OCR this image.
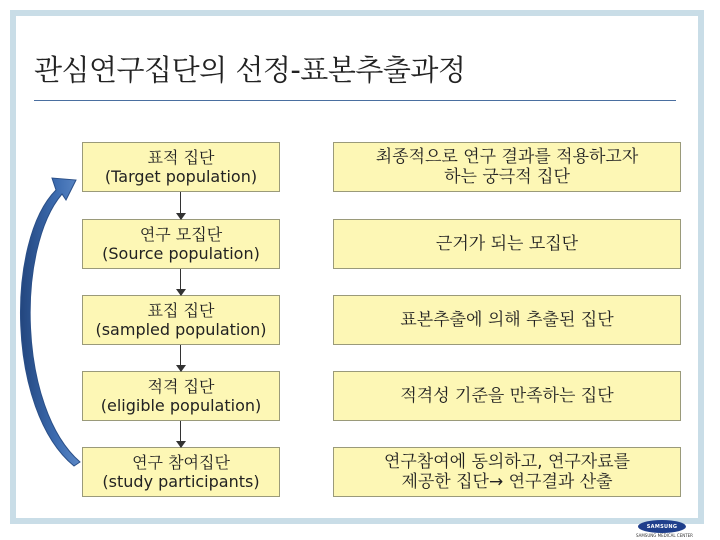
관심연구집단의 선정-표본추출과정
표적 집단
(Target population)
연구 모집단
(Source population)
표집 집단
(sampled population)
적격 집단
(eligible population)
연구 참여집단
(study participants)
최종적으로 연구 결과를 적용하고자
하는 궁극적 집단
근거가 되는 모집단
표본추출에 의해 추출된 집단
적격성 기준을 만족하는 집단
연구참여에 동의하고, 연구자료를
제공한 집단→ 연구결과 산출
SAMSUNG
SAMSUNG MEDICAL CENTER
